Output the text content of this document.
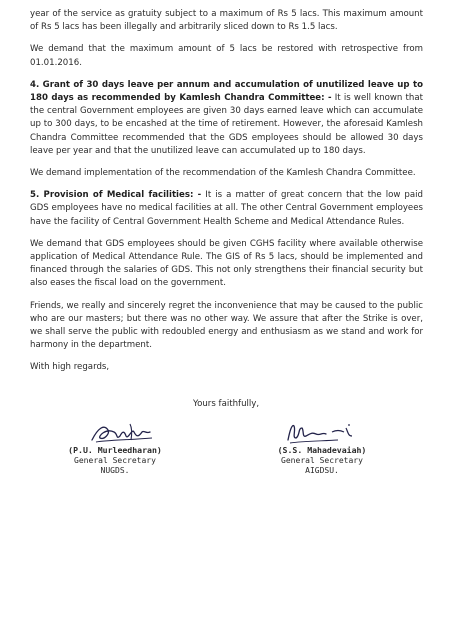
year of the service as gratuity subject to a maximum of Rs 5 lacs. This maximum amount of Rs 5 lacs has been illegally and arbitrarily sliced down to Rs 1.5 lacs.

We demand that the maximum amount of 5 lacs be restored with retrospective from 01.01.2016.

4. Grant of 30 days leave per annum and accumulation of unutilized leave up to 180 days as recommended by Kamlesh Chandra Committee: - It is well known that the central Government employees are given 30 days earned leave which can accumulate up to 300 days, to be encashed at the time of retirement. However, the aforesaid Kamlesh Chandra Committee recommended that the GDS employees should be allowed 30 days leave per year and that the unutilized leave can accumulated up to 180 days.

We demand implementation of the recommendation of the Kamlesh Chandra Committee.

5. Provision of Medical facilities: - It is a matter of great concern that the low paid GDS employees have no medical facilities at all. The other Central Government employees have the facility of Central Government Health Scheme and Medical Attendance Rules.

We demand that GDS employees should be given CGHS facility where available otherwise application of Medical Attendance Rule. The GIS of Rs 5 lacs, should be implemented and financed through the salaries of GDS. This not only strengthens their financial security but also eases the fiscal load on the government.

Friends, we really and sincerely regret the inconvenience that may be caused to the public who are our masters; but there was no other way. We assure that after the Strike is over, we shall serve the public with redoubled energy and enthusiasm as we stand and work for harmony in the department.

With high regards,

Yours faithfully,
(P.U. Murleedharan)
General Secretary
NUGDS.
(S.S. Mahadevaiah)
General Secretary
AIGDSU.
